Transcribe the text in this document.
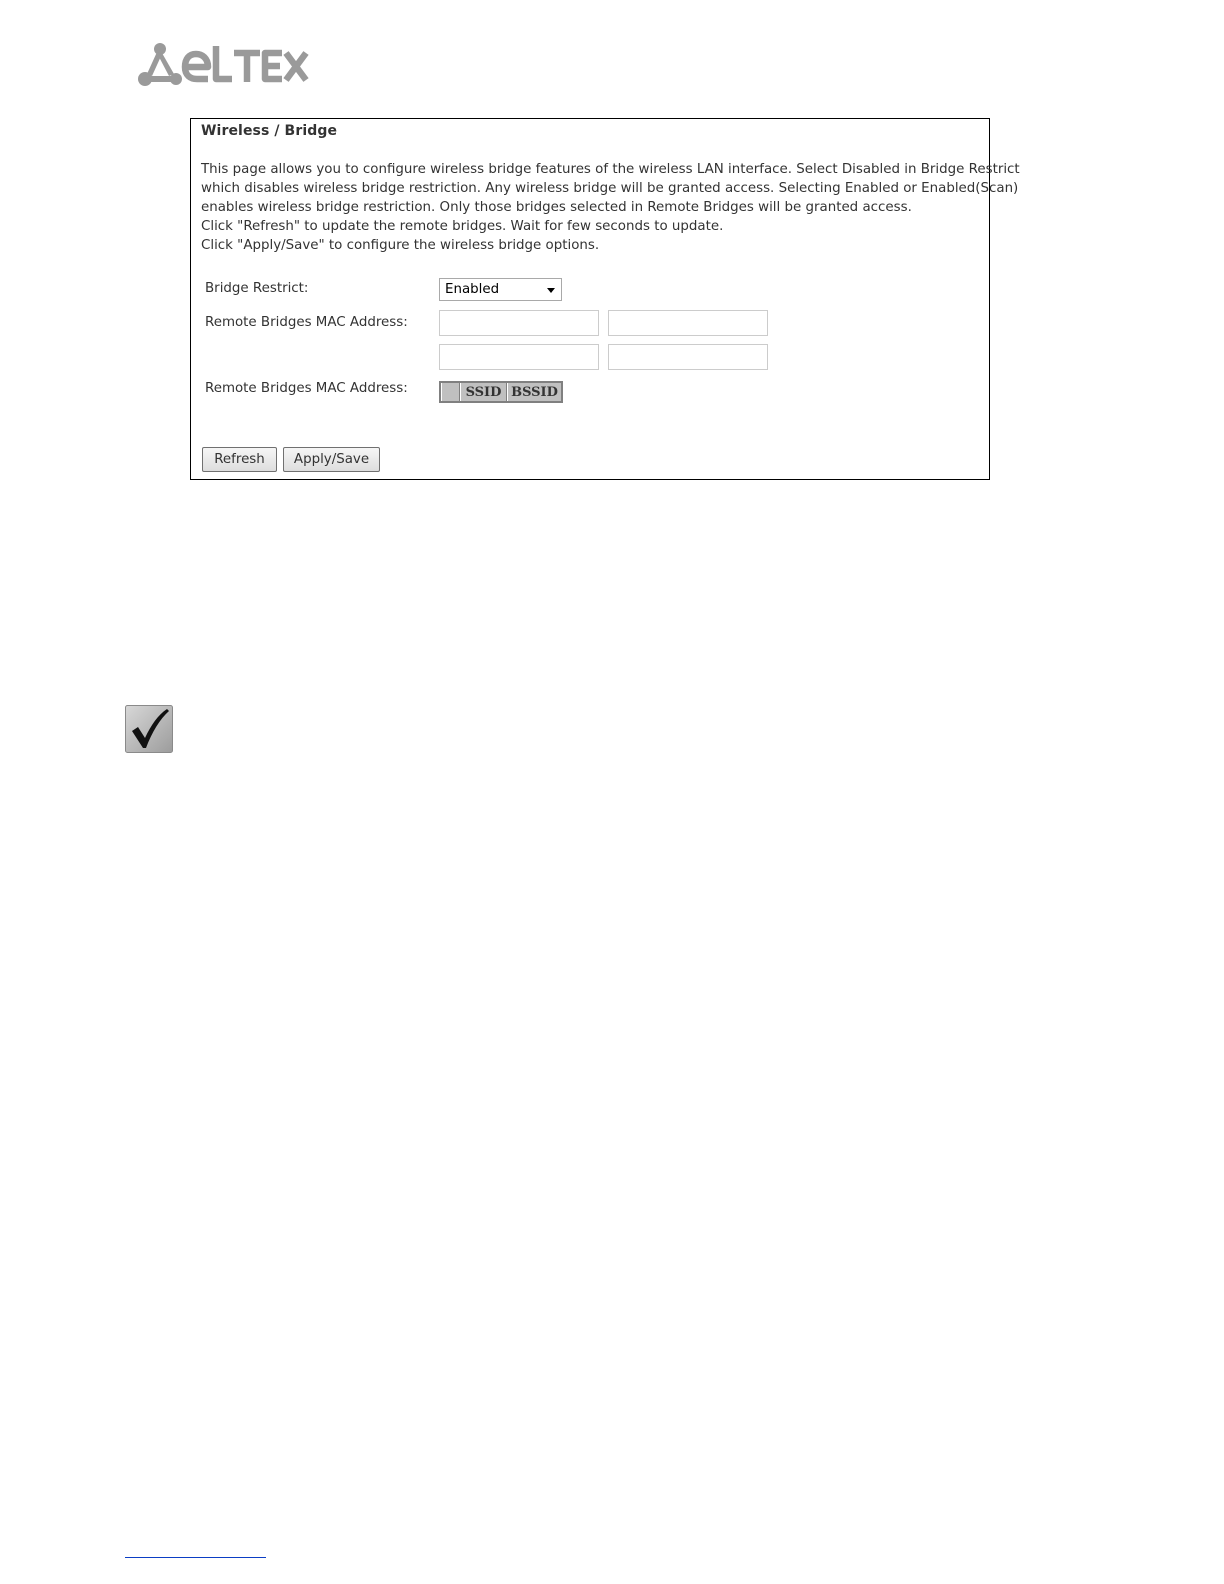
Wireless / Bridge
This page allows you to configure wireless bridge features of the wireless LAN interface. Select Disabled in Bridge Restrict
which disables wireless bridge restriction. Any wireless bridge will be granted access. Selecting Enabled or Enabled(Scan)
enables wireless bridge restriction. Only those bridges selected in Remote Bridges will be granted access.
Click "Refresh" to update the remote bridges. Wait for few seconds to update.
Click "Apply/Save" to configure the wireless bridge options.
Bridge Restrict:	Enabled
Remote Bridges MAC Address:
Remote Bridges MAC Address:	SSID BSSID
Refresh	Apply/Save
